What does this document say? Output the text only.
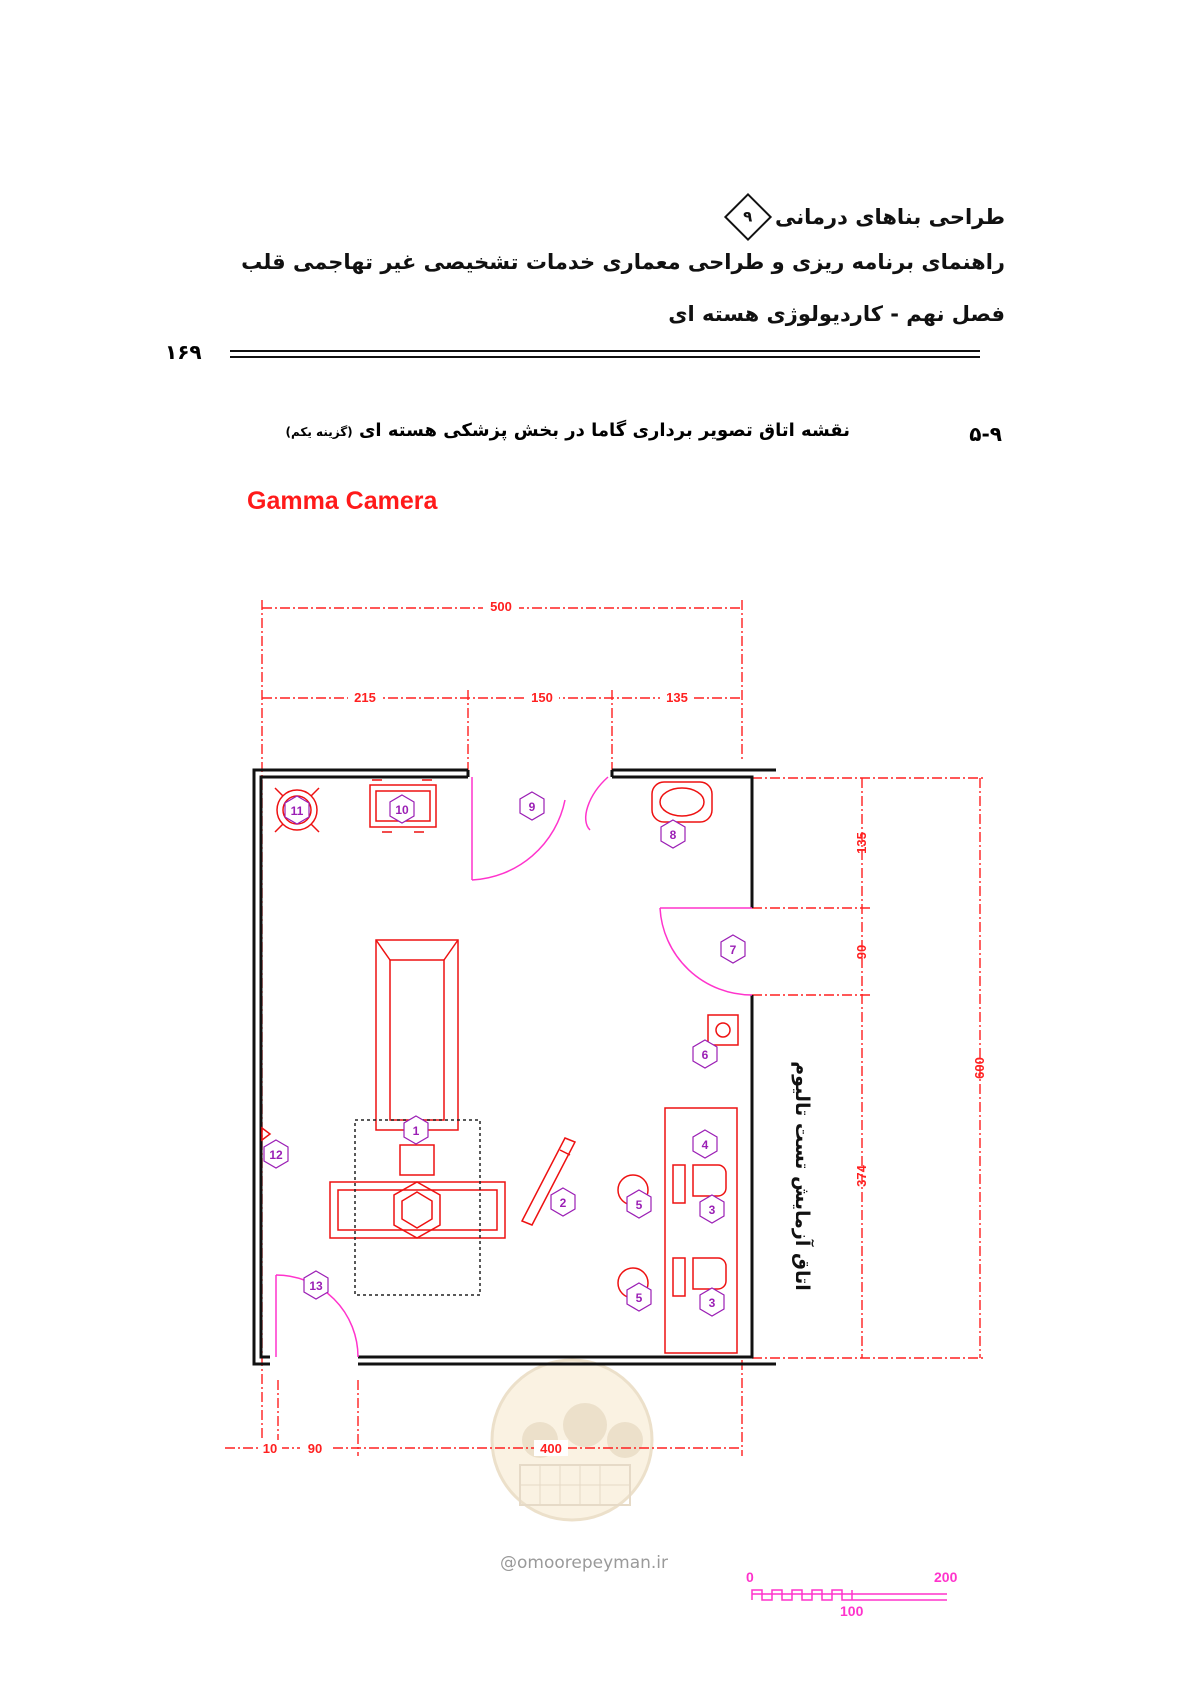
طراحی بناهای درمانی
۹
راهنمای برنامه ریزی و طراحی معماری خدمات تشخیصی غیر تهاجمی قلب
فصل نهم - کاردیولوژی هسته ای
۱۶۹
۵-۹
نقشه اتاق تصویر برداری گاما در بخش پزشکی هسته ای (گزینه یکم)
Gamma Camera
500
215	150	135
10 90	400
135
90
374
600
1
2	3
3
4
5
5
6
7
8
9
10
11
12
13	اتاق آزمایش تست تالیوم
0
100
200
@omoorepeyman.ir
